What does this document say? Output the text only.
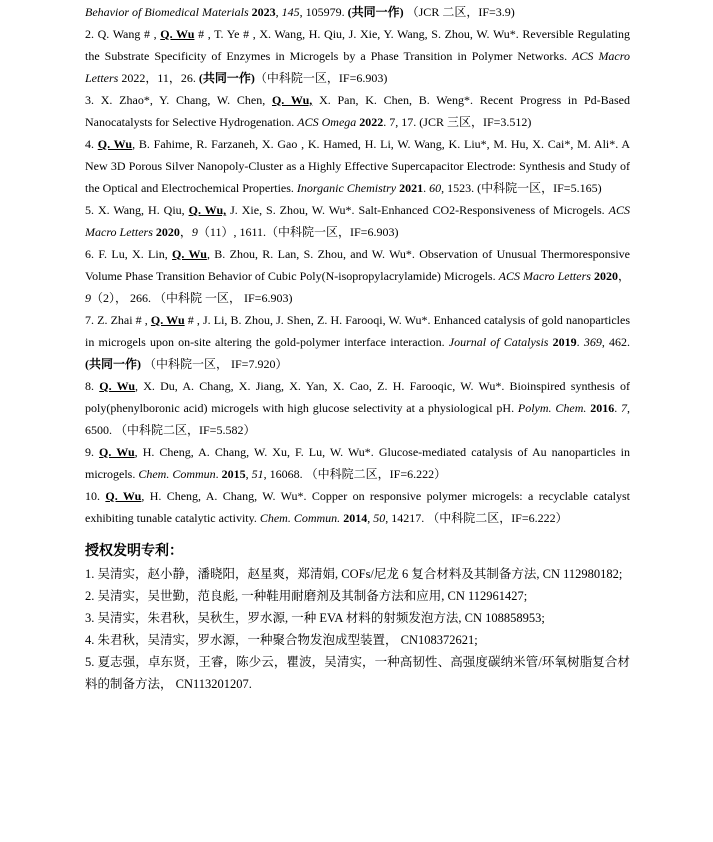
Behavior of Biomedical Materials 2023, 145, 105979. (共同一作) （JCR 二区，IF=3.9)

2. Q. Wang # , Q. Wu # , T. Ye # , X. Wang, H. Qiu, J. Xie, Y. Wang, S. Zhou, W. Wu*. Reversible Regulating the Substrate Specificity of Enzymes in Microgels by a Phase Transition in Polymer Networks. ACS Macro Letters 2022，11，26. (共同一作)（中科院一区，IF=6.903)

3. X. Zhao*, Y. Chang, W. Chen, Q. Wu, X. Pan, K. Chen, B. Weng*. Recent Progress in Pd-Based Nanocatalysts for Selective Hydrogenation. ACS Omega 2022. 7, 17. (JCR 三区，IF=3.512)

4. Q. Wu, B. Fahime, R. Farzaneh, X. Gao , K. Hamed, H. Li, W. Wang, K. Liu*, M. Hu, X. Cai*, M. Ali*. A New 3D Porous Silver Nanopoly-Cluster as a Highly Effective Supercapacitor Electrode: Synthesis and Study of the Optical and Electrochemical Properties. Inorganic Chemistry 2021. 60, 1523. (中科院一区，IF=5.165)

5. X. Wang, H. Qiu, Q. Wu, J. Xie, S. Zhou, W. Wu*. Salt-Enhanced CO2-Responsiveness of Microgels. ACS Macro Letters 2020，9（11）, 1611.（中科院一区，IF=6.903)

6. F. Lu, X. Lin, Q. Wu, B. Zhou, R. Lan, S. Zhou, and W. Wu*. Observation of Unusual Thermoresponsive Volume Phase Transition Behavior of Cubic Poly(N-isopropylacrylamide) Microgels. ACS Macro Letters 2020，9（2）， 266. （中科院 一区， IF=6.903)

7. Z. Zhai # , Q. Wu # , J. Li, B. Zhou, J. Shen, Z. H. Farooqi, W. Wu*. Enhanced catalysis of gold nanoparticles in microgels upon on-site altering the gold-polymer interface interaction. Journal of Catalysis 2019. 369, 462. (共同一作) （中科院一区， IF=7.920）

8. Q. Wu, X. Du, A. Chang, X. Jiang, X. Yan, X. Cao, Z. H. Farooqic, W. Wu*. Bioinspired synthesis of poly(phenylboronic acid) microgels with high glucose selectivity at a physiological pH. Polym. Chem. 2016. 7, 6500. （中科院二区，IF=5.582）

9. Q. Wu, H. Cheng, A. Chang, W. Xu, F. Lu, W. Wu*. Glucose-mediated catalysis of Au nanoparticles in microgels. Chem. Commun. 2015, 51, 16068. （中科院二区，IF=6.222）

10. Q. Wu, H. Cheng, A. Chang, W. Wu*. Copper on responsive polymer microgels: a recyclable catalyst exhibiting tunable catalytic activity. Chem. Commun. 2014, 50, 14217. （中科院二区，IF=6.222）

授权发明专利：

1. 吴清实，赵小静，潘晓阳，赵星爽，郑清娟, COFs/尼龙 6 复合材料及其制备方法, CN 112980182;

2. 吴清实，吴世勤，范良彪, 一种鞋用耐磨剂及其制备方法和应用, CN 112961427;

3. 吴清实，朱君秋，吴秋生，罗水源, 一种 EVA 材料的射频发泡方法, CN 108858953;

4. 朱君秋，吴清实，罗水源，一种聚合物发泡成型装置， CN108372621;

5. 夏志强，卓东贤，王睿，陈少云，瞿波，吴清实，一种高韧性、高强度碳纳米管/环氧树脂复合材料的制备方法， CN113201207.
